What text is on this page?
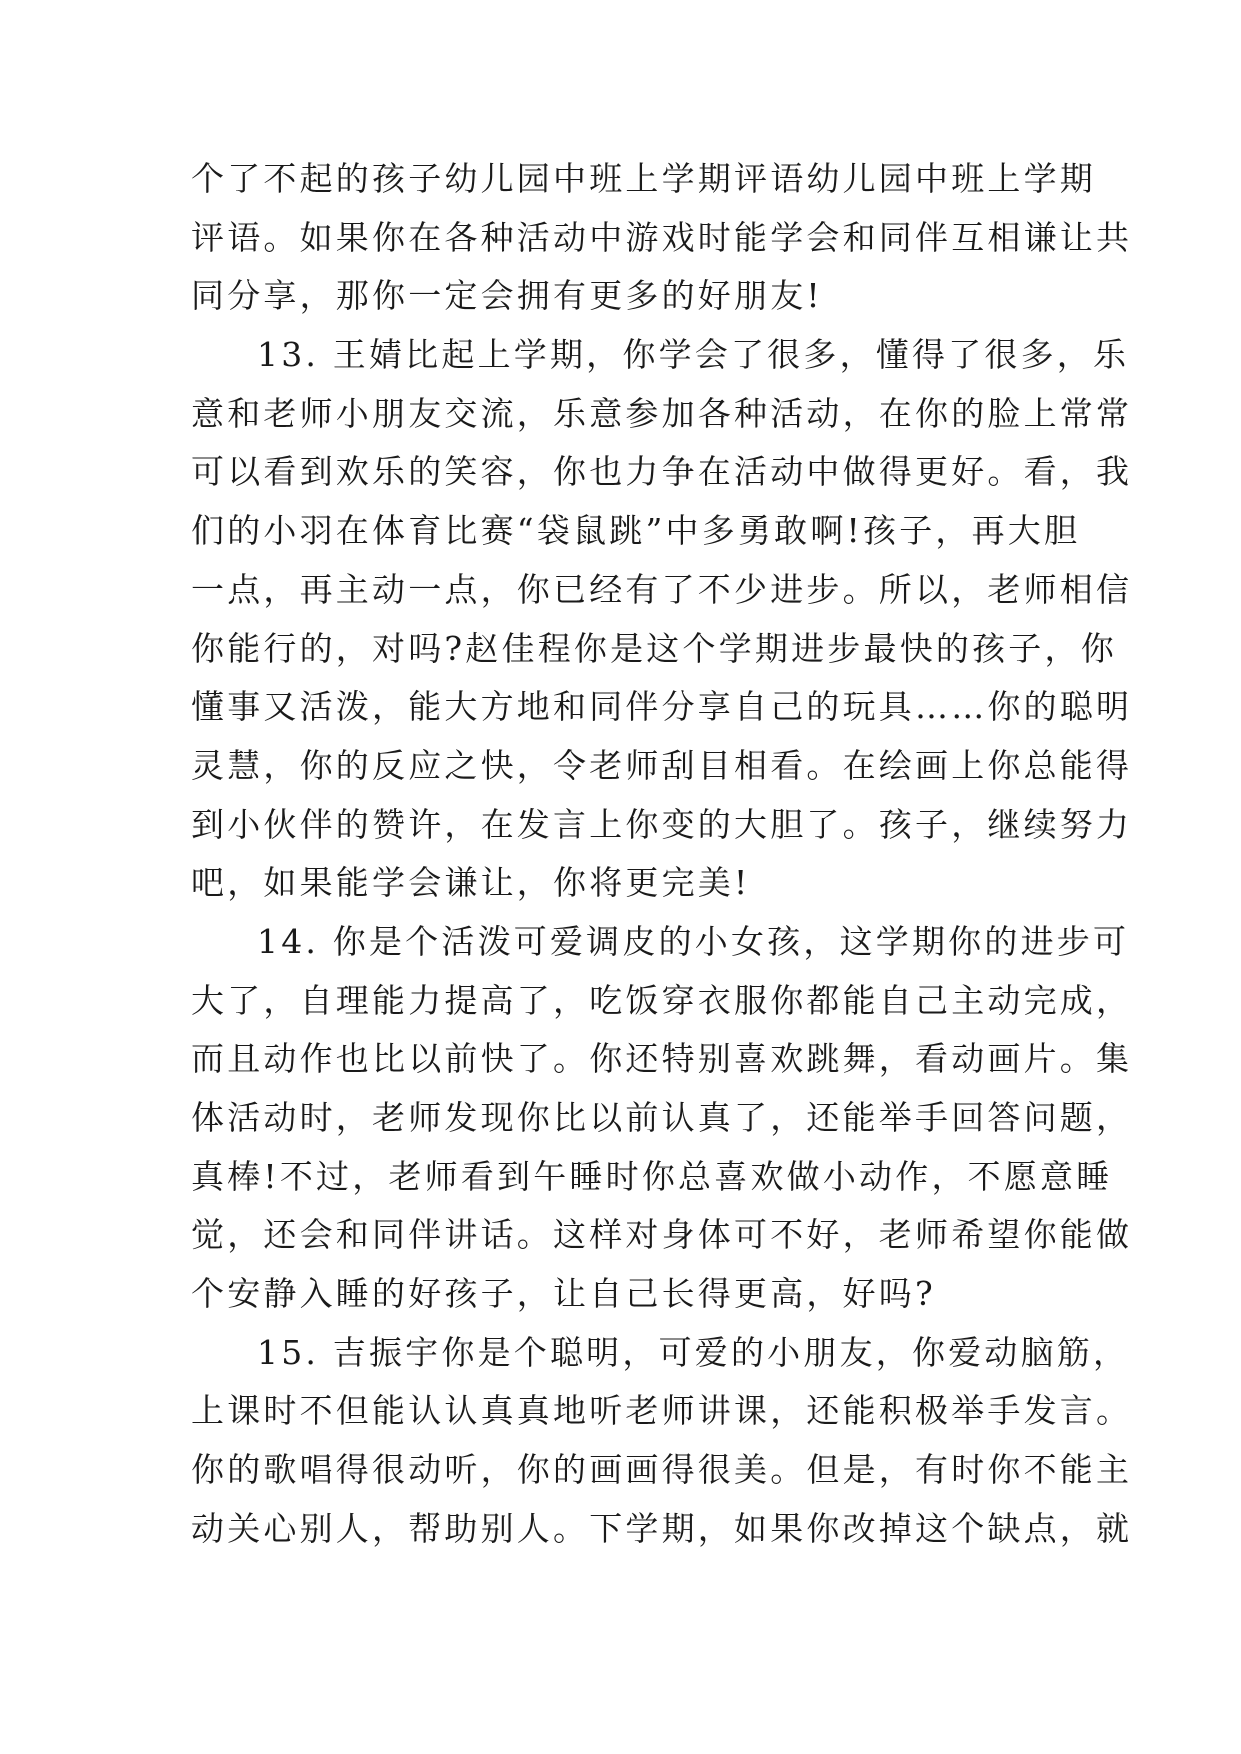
个了不起的孩子幼儿园中班上学期评语幼儿园中班上学期
评语。如果你在各种活动中游戏时能学会和同伴互相谦让共
同分享，那你一定会拥有更多的好朋友!
13. 王婧比起上学期，你学会了很多，懂得了很多，乐
意和老师小朋友交流，乐意参加各种活动，在你的脸上常常
可以看到欢乐的笑容，你也力争在活动中做得更好。看，我
们的小羽在体育比赛“袋鼠跳”中多勇敢啊!孩子，再大胆
一点，再主动一点，你已经有了不少进步。所以，老师相信
你能行的，对吗?赵佳程你是这个学期进步最快的孩子，你
懂事又活泼，能大方地和同伴分享自己的玩具……你的聪明
灵慧，你的反应之快，令老师刮目相看。在绘画上你总能得
到小伙伴的赞许，在发言上你变的大胆了。孩子，继续努力
吧，如果能学会谦让，你将更完美!
14. 你是个活泼可爱调皮的小女孩，这学期你的进步可
大了，自理能力提高了，吃饭穿衣服你都能自己主动完成，
而且动作也比以前快了。你还特别喜欢跳舞，看动画片。集
体活动时，老师发现你比以前认真了，还能举手回答问题，
真棒!不过，老师看到午睡时你总喜欢做小动作，不愿意睡
觉，还会和同伴讲话。这样对身体可不好，老师希望你能做
个安静入睡的好孩子，让自己长得更高，好吗?
15. 吉振宇你是个聪明，可爱的小朋友，你爱动脑筋，
上课时不但能认认真真地听老师讲课，还能积极举手发言。
你的歌唱得很动听，你的画画得很美。但是，有时你不能主
动关心别人，帮助别人。下学期，如果你改掉这个缺点，就
